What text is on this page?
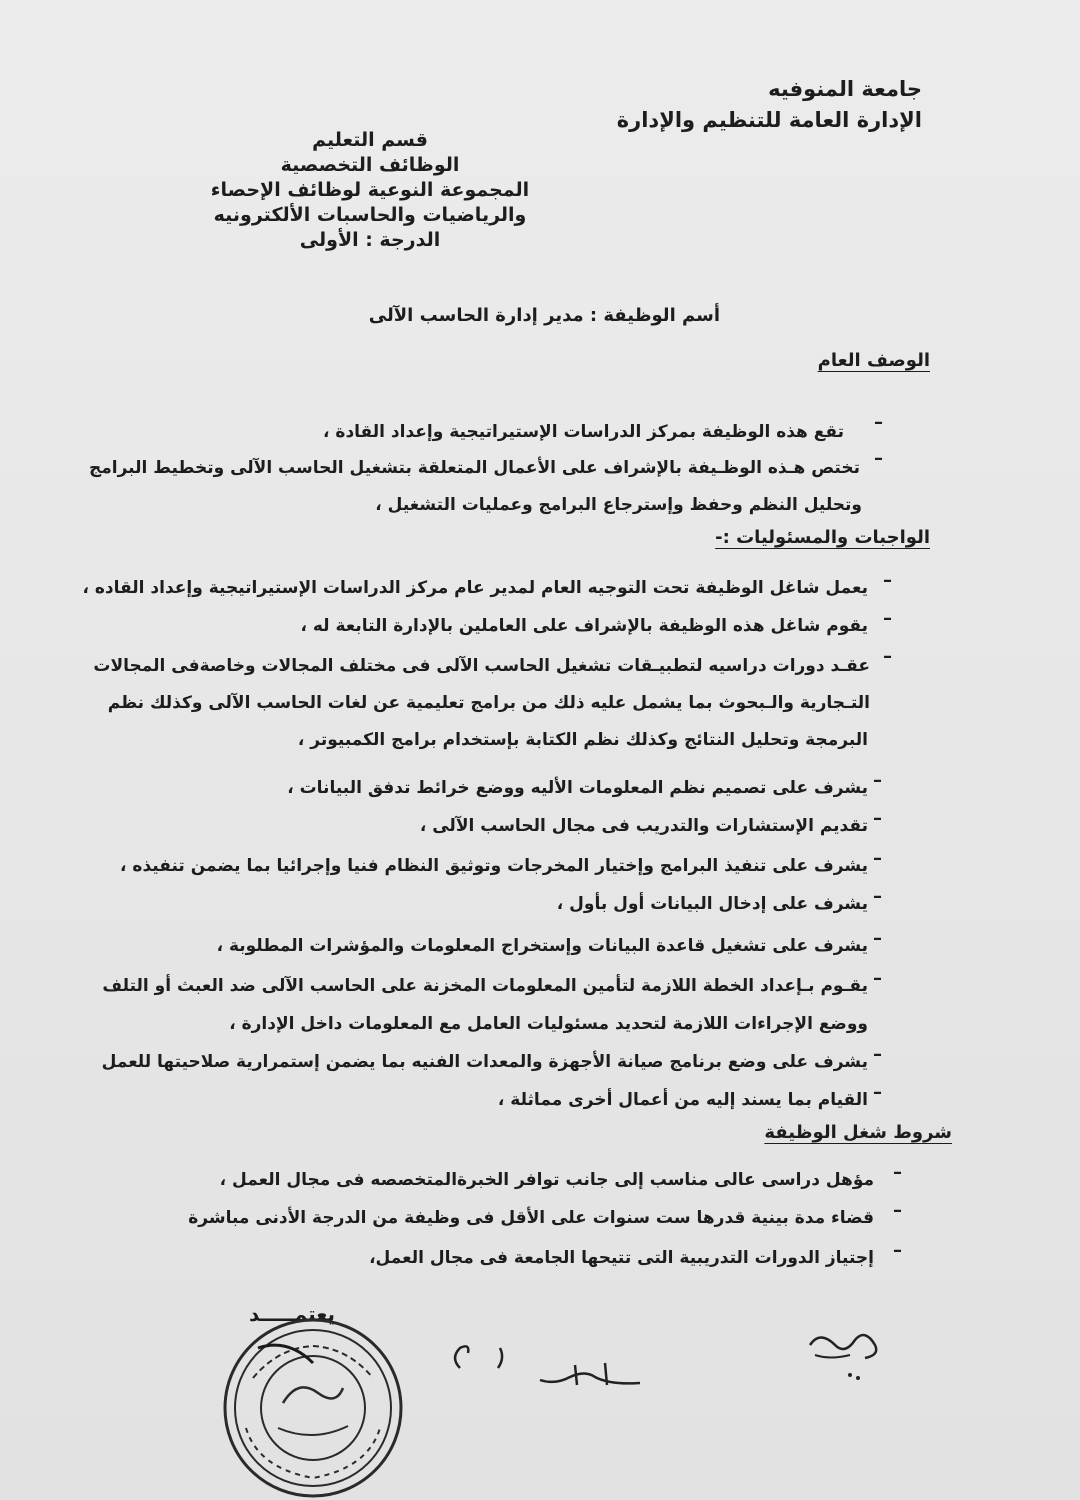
جامعة المنوفيه
الإدارة العامة للتنظيم والإدارة
قسم التعليم
الوظائف التخصصية
المجموعة النوعية لوظائف الإحصاء
والرياضيات والحاسبات الألكترونيه
الدرجة : الأولى
أسم الوظيفة : مدير إدارة الحاسب الآلى
الوصف العام
–
تقع هذه الوظيفة بمركز الدراسات الإستيراتيجية وإعداد القادة ،
–
تختص هـذه الوظـيفة بالإشراف على الأعمال المتعلقة بتشغيل الحاسب الآلى وتخطيط البرامج
وتحليل النظم وحفظ وإسترجاع البرامج وعمليات التشغيل ،
الواجبات والمسئوليات :-
–
يعمل شاغل الوظيفة تحت التوجيه العام لمدير عام مركز الدراسات الإستيراتيجية وإعداد القاده ،
–
يقوم شاغل هذه الوظيفة بالإشراف على العاملين بالإدارة التابعة له ،
–
عقـد دورات دراسيه لتطبيـقات تشغيل الحاسب الآلى فى مختلف المجالات وخاصةفى المجالات
التـجارية والـبحوث بما يشمل عليه ذلك من برامج تعليمية عن لغات الحاسب الآلى وكذلك نظم
البرمجة وتحليل النتائج وكذلك نظم الكتابة بإستخدام برامج الكمبيوتر ،
–
يشرف على تصميم نظم المعلومات الأليه ووضع خرائط تدفق البيانات ،
–
تقديم الإستشارات والتدريب فى مجال الحاسب الآلى ،
–
يشرف على تنفيذ البرامج وإختيار المخرجات وتوثيق النظام فنيا وإجرائيا بما يضمن تنفيذه ،
–
يشرف على إدخال البيانات أول بأول ،
–
يشرف على تشغيل قاعدة البيانات وإستخراج المعلومات والمؤشرات المطلوبة ،
–
يقـوم بـإعداد الخطة اللازمة لتأمين المعلومات المخزنة على الحاسب الآلى ضد العبث أو التلف
ووضع الإجراءات اللازمة لتحديد مسئوليات العامل مع المعلومات داخل الإدارة ،
–
يشرف على وضع برنامج صيانة الأجهزة والمعدات الفنيه بما يضمن إستمرارية صلاحيتها للعمل
–
القيام بما يسند إليه من أعمال أخرى مماثلة ،
شروط شغل الوظيفة
–
مؤهل دراسى عالى مناسب إلى جانب توافر الخبرةالمتخصصه فى مجال العمل ،
–
قضاء مدة بينية قدرها ست سنوات على الأقل فى وظيفة من الدرجة الأدنى مباشرة
–
إجتياز الدورات التدريبية التى تتيحها الجامعة فى مجال العمل،
يعتمـــــد
